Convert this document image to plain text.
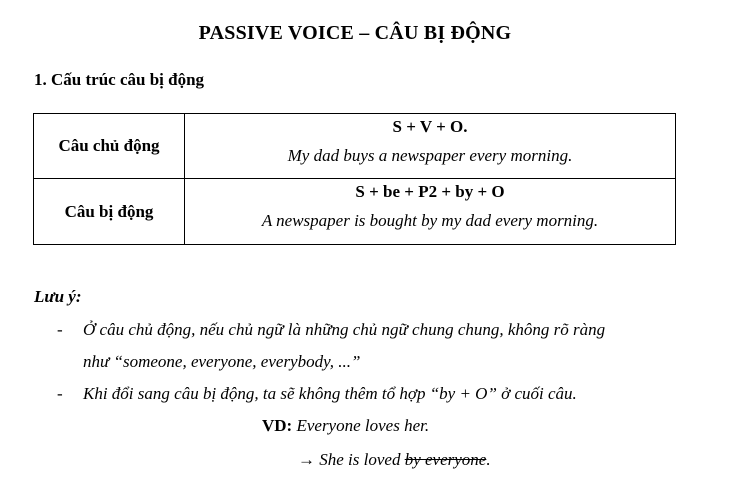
PASSIVE VOICE – CÂU BỊ ĐỘNG
1. Cấu trúc câu bị động
Câu chủ động	S + V + O.
My dad buys a newspaper every morning.

Câu bị động	S + be + P2 + by + O
A newspaper is bought by my dad every morning.
Lưu ý:
- Ở câu chủ động, nếu chủ ngữ là những chủ ngữ chung chung, không rõ ràng
như “someone, everyone, everybody, ...”
- Khi đổi sang câu bị động, ta sẽ không thêm tổ hợp “by + O” ở cuối câu.
VD: Everyone loves her.
→ She is loved by everyone.
